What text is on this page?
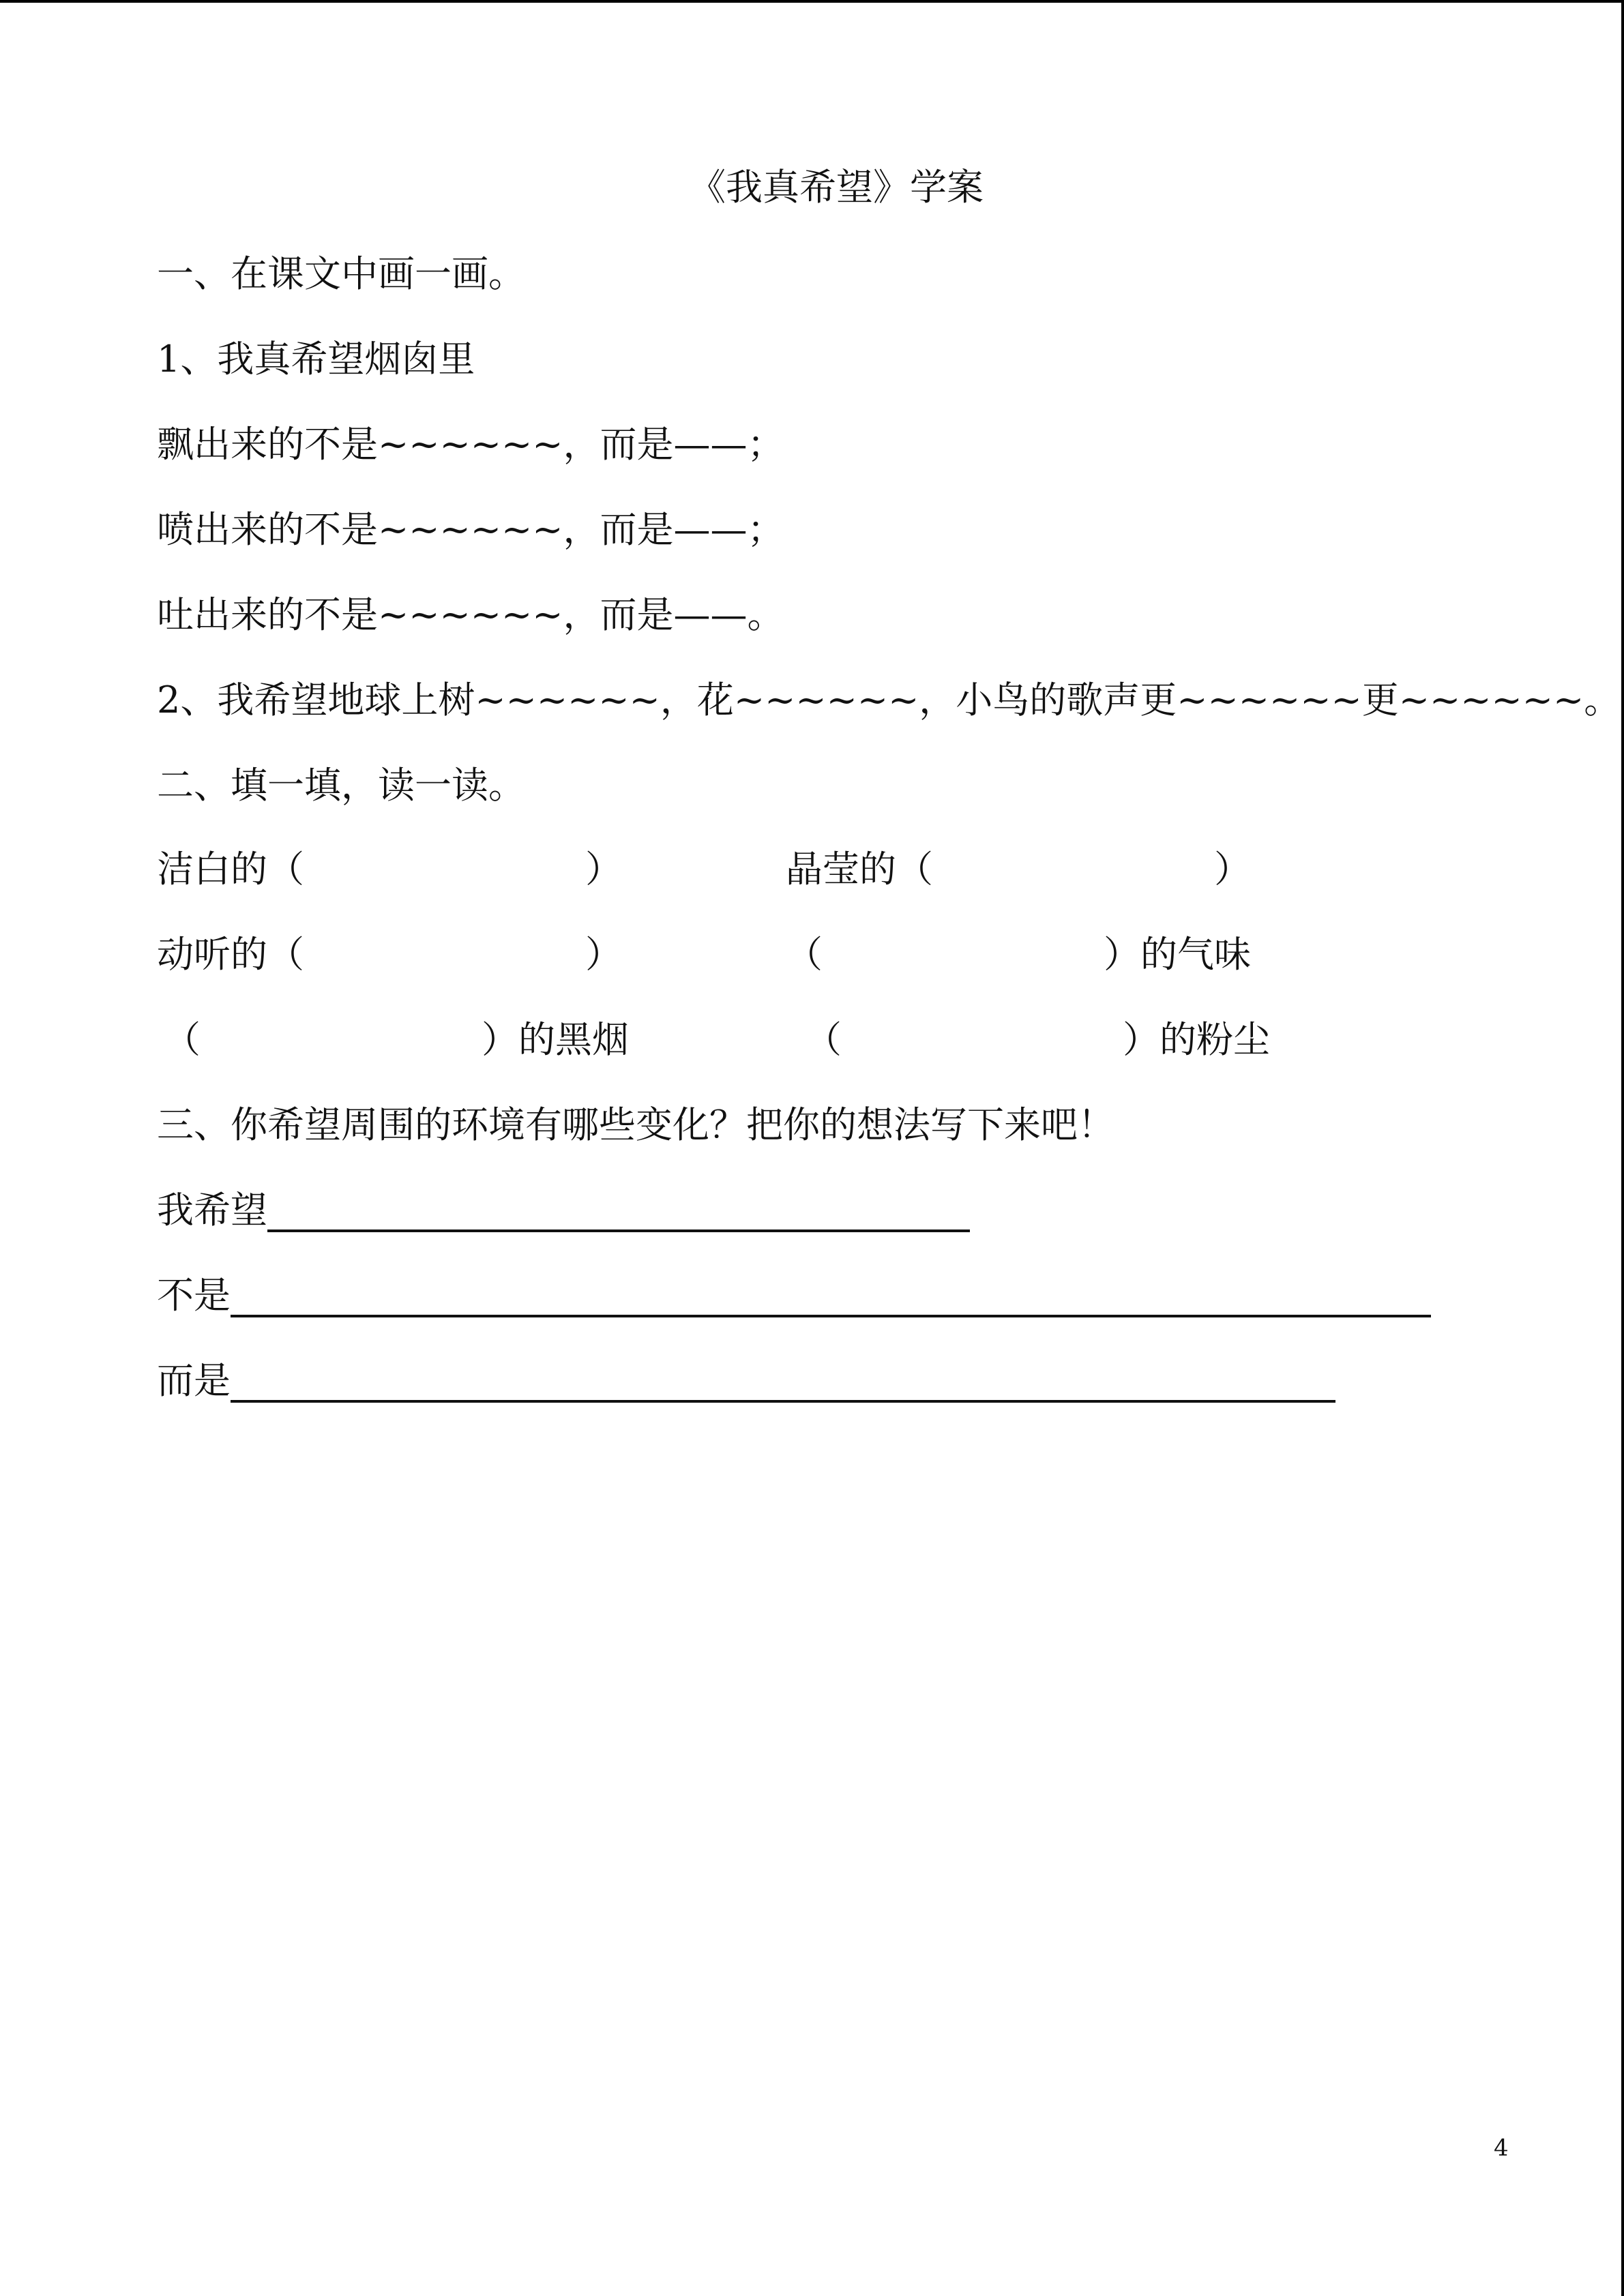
《我真希望》学案
一、在课文中画一画。
1、我真希望烟囱里
飘出来的不是~~~~~~，而是——；
喷出来的不是~~~~~~，而是——；
吐出来的不是~~~~~~，而是——。
2、我希望地球上树~~~~~~，花~~~~~~，小鸟的歌声更~~~~~~更~~~~~~。
二、填一填，读一读。
洁白的（                        ）	晶莹的（                        ）
动听的（                        ）	（                        ）的气味
（                        ）的黑烟	（                        ）的粉尘
三、你希望周围的环境有哪些变化？把你的想法写下来吧！
我希望
不是
而是
4
